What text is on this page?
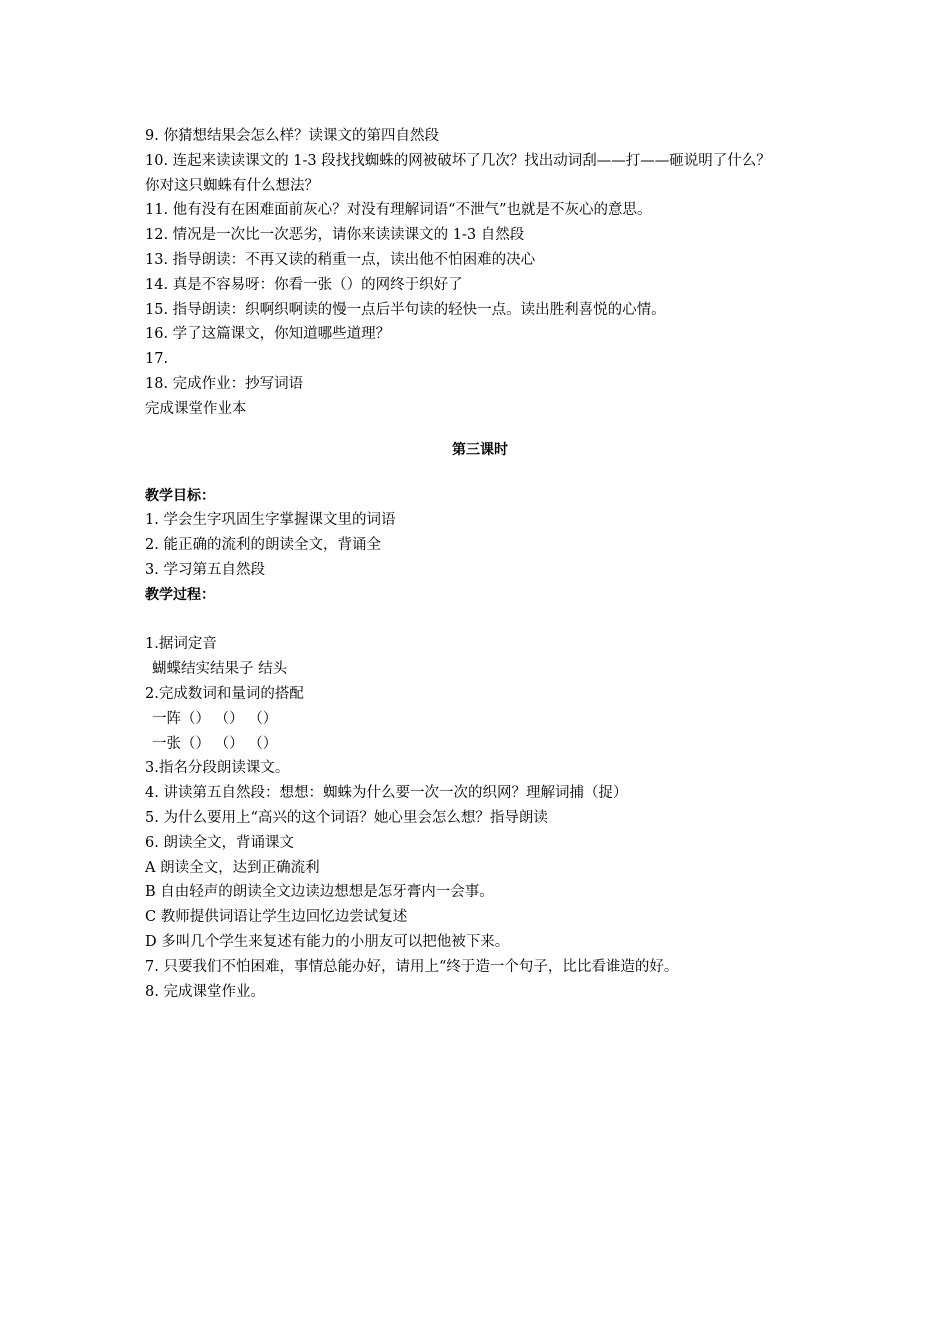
9. 你猜想结果会怎么样？读课文的第四自然段
10. 连起来读读课文的 1-3 段找找蜘蛛的网被破坏了几次？找出动词刮——打——砸说明了什么？
你对这只蜘蛛有什么想法？
11. 他有没有在困难面前灰心？对没有理解词语“不泄气”也就是不灰心的意思。
12. 情况是一次比一次恶劣，请你来读读课文的 1-3 自然段
13. 指导朗读：不再又读的稍重一点，读出他不怕困难的决心
14. 真是不容易呀：你看一张（）的网终于织好了
15. 指导朗读：织啊织啊读的慢一点后半句读的轻快一点。读出胜利喜悦的心情。
16. 学了这篇课文，你知道哪些道理？
17.
18. 完成作业：抄写词语
完成课堂作业本
第三课时
教学目标：
1. 学会生字巩固生字掌握课文里的词语
2. 能正确的流利的朗读全文，背诵全
3. 学习第五自然段
教学过程：
1.据词定音
蝴蝶结实结果子 结头
2.完成数词和量词的搭配
一阵（） （） （）
一张（） （） （）
3.指名分段朗读课文。
4. 讲读第五自然段：想想：蜘蛛为什么要一次一次的织网？理解词捕（捉）
5. 为什么要用上“高兴的这个词语？她心里会怎么想？指导朗读
6. 朗读全文，背诵课文
A 朗读全文，达到正确流利
B 自由轻声的朗读全文边读边想想是怎牙膏内一会事。
C 教师提供词语让学生边回忆边尝试复述
D 多叫几个学生来复述有能力的小朋友可以把他被下来。
7. 只要我们不怕困难，事情总能办好，请用上“终于造一个句子，比比看谁造的好。
8. 完成课堂作业。
